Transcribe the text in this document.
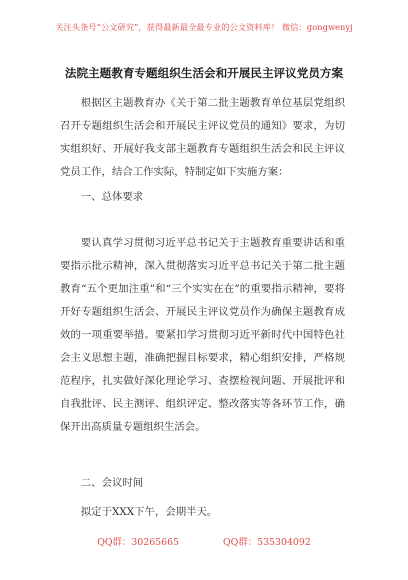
关注头条号“公文研究”，获得最新最全最专业的公文资料库！ 微信：gongwenyj
法院主题教育专题组织生活会和开展民主评议党员方案

根据区主题教育办《关于第二批主题教育单位基层党组织召开专题组织生活会和开展民主评议党员的通知》要求，为切实组织好、开展好我支部主题教育专题组织生活会和民主评议党员工作，结合工作实际，特制定如下实施方案：

一、总体要求

要认真学习贯彻习近平总书记关于主题教育重要讲话和重要指示批示精神，深入贯彻落实习近平总书记关于第二批主题教育“五个更加注重”和“三个实实在在”的重要指示精神，要将开好专题组织生活会、开展民主评议党员作为确保主题教育成效的一项重要举措。要紧扣学习贯彻习近平新时代中国特色社会主义思想主题，准确把握目标要求，精心组织安排，严格规范程序，扎实做好深化理论学习、查摆检视问题、开展批评和自我批评、民主测评、组织评定、整改落实等各环节工作，确保开出高质量专题组织生活会。

二、会议时间

拟定于XXX下午，会期半天。

QQ群：30265665	QQ群：535304092
